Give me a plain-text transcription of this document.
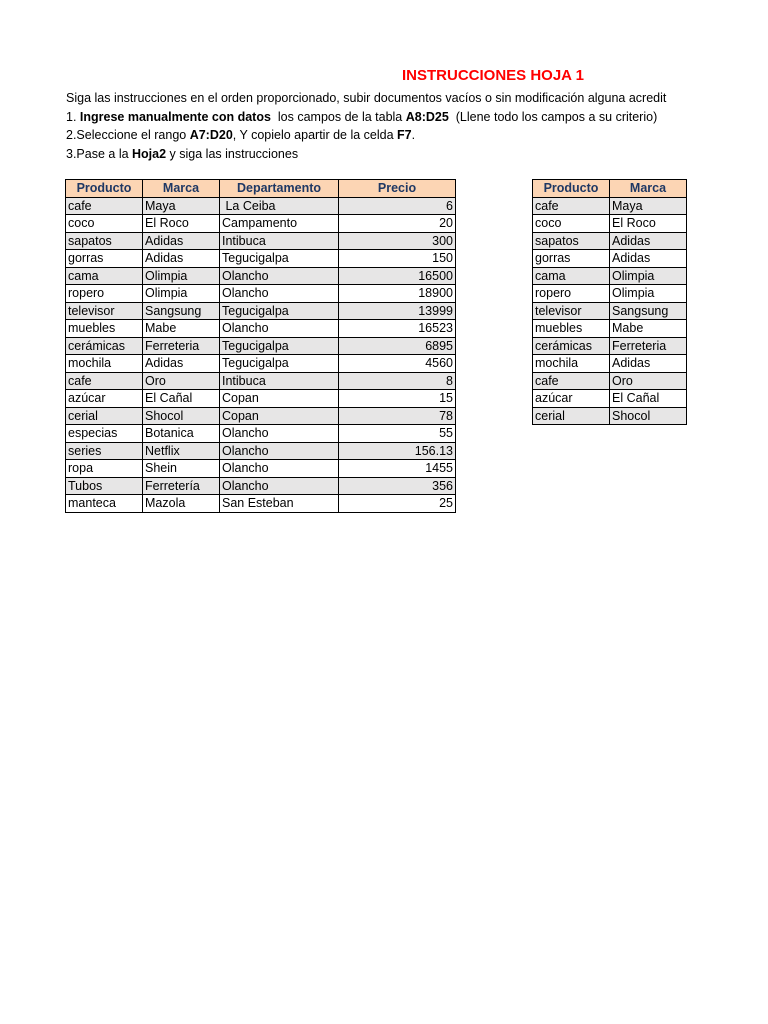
INSTRUCCIONES HOJA 1
Siga las instrucciones en el orden proporcionado, subir documentos vacíos o sin modificación alguna acredit
1. Ingrese manualmente con datos  los campos de la tabla A8:D25  (Llene todo los campos a su criterio)
2.Seleccione el rango A7:D20, Y copielo apartir de la celda F7.
3.Pase a la Hoja2 y siga las instrucciones
Producto	Marca	Departamento	Precio
cafe	Maya	La Ceiba	6
coco	El Roco	Campamento	20
sapatos	Adidas	Intibuca	300
gorras	Adidas	Tegucigalpa	150
cama	Olimpia	Olancho	16500
ropero	Olimpia	Olancho	18900
televisor	Sangsung	Tegucigalpa	13999
muebles	Mabe	Olancho	16523
cerámicas	Ferreteria	Tegucigalpa	6895
mochila	Adidas	Tegucigalpa	4560
cafe	Oro	Intibuca	8
azúcar	El Cañal	Copan	15
cerial	Shocol	Copan	78
especias	Botanica	Olancho	55
series	Netflix	Olancho	156.13
ropa	Shein	Olancho	1455
Tubos	Ferretería	Olancho	356
manteca	Mazola	San Esteban	25
Producto	Marca
cafe	Maya
coco	El Roco
sapatos	Adidas
gorras	Adidas
cama	Olimpia
ropero	Olimpia
televisor	Sangsung
muebles	Mabe
cerámicas	Ferreteria
mochila	Adidas
cafe	Oro
azúcar	El Cañal
cerial	Shocol
